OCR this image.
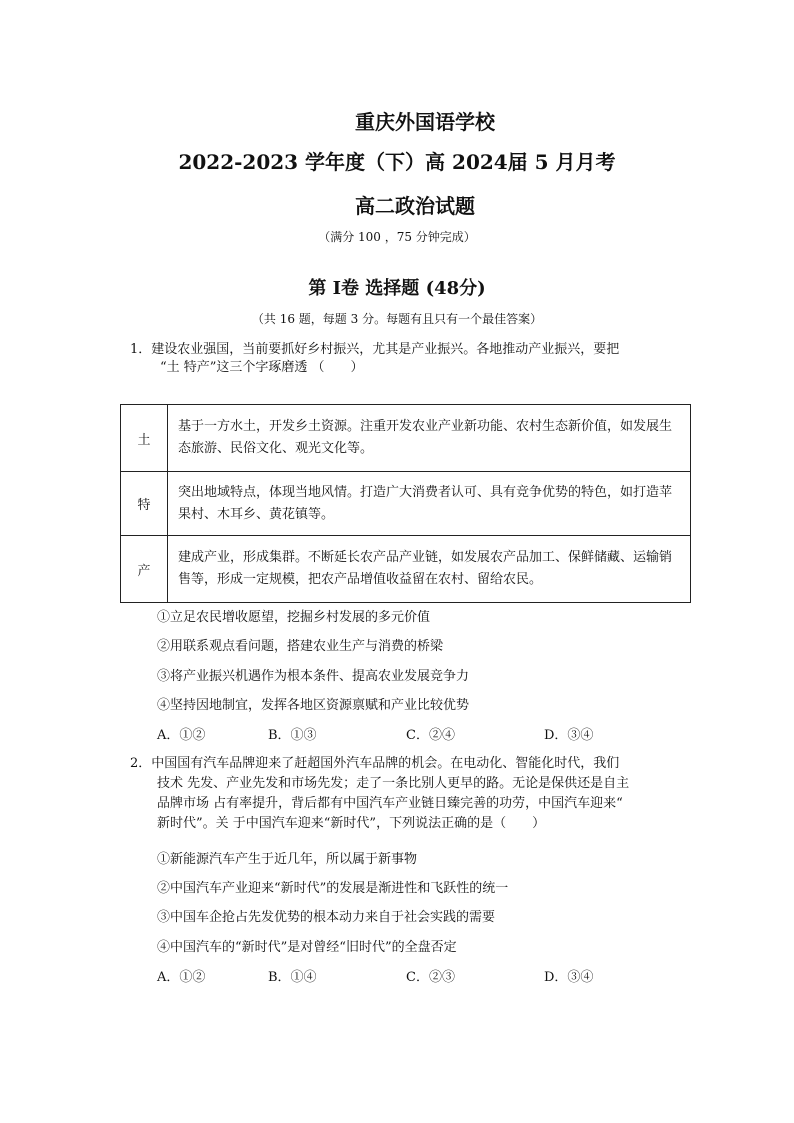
重庆外国语学校
2022-2023 学年度（下）高 2024届 5 月月考
高二政治试题
（满分 100 ，75 分钟完成）
第 Ⅰ卷 选择题 (48分)
（共 16 题，每题 3 分。每题有且只有一个最佳答案）
1．建设农业强国，当前要抓好乡村振兴，尤其是产业振兴。各地推动产业振兴，要把
“土 特产”这三个字琢磨透 （　　）
土	基于一方水土，开发乡土资源。注重开发农业产业新功能、农村生态新价值，如发展生态旅游、民俗文化、观光文化等。
特	突出地域特点，体现当地风情。打造广大消费者认可、具有竞争优势的特色，如打造苹果村、木耳乡、黄花镇等。
产	建成产业，形成集群。不断延长农产品产业链，如发展农产品加工、保鲜储藏、运输销售等，形成一定规模，把农产品增值收益留在农村、留给农民。
①立足农民增收愿望，挖掘乡村发展的多元价值
②用联系观点看问题，搭建农业生产与消费的桥梁
③将产业振兴机遇作为根本条件、提高农业发展竞争力
④坚持因地制宜，发挥各地区资源禀赋和产业比较优势
A．①②	B．①③	C．②④	D．③④
2．中国国有汽车品牌迎来了赶超国外汽车品牌的机会。在电动化、智能化时代，我们
技术 先发、产业先发和市场先发；走了一条比别人更早的路。无论是保供还是自主
品牌市场 占有率提升，背后都有中国汽车产业链日臻完善的功劳，中国汽车迎来“
新时代”。关 于中国汽车迎来“新时代”，下列说法正确的是（　　）
①新能源汽车产生于近几年，所以属于新事物
②中国汽车产业迎来“新时代”的发展是渐进性和飞跃性的统一
③中国车企抢占先发优势的根本动力来自于社会实践的需要
④中国汽车的“新时代”是对曾经“旧时代”的全盘否定
A．①②	B．①④	C．②③	D．③④
